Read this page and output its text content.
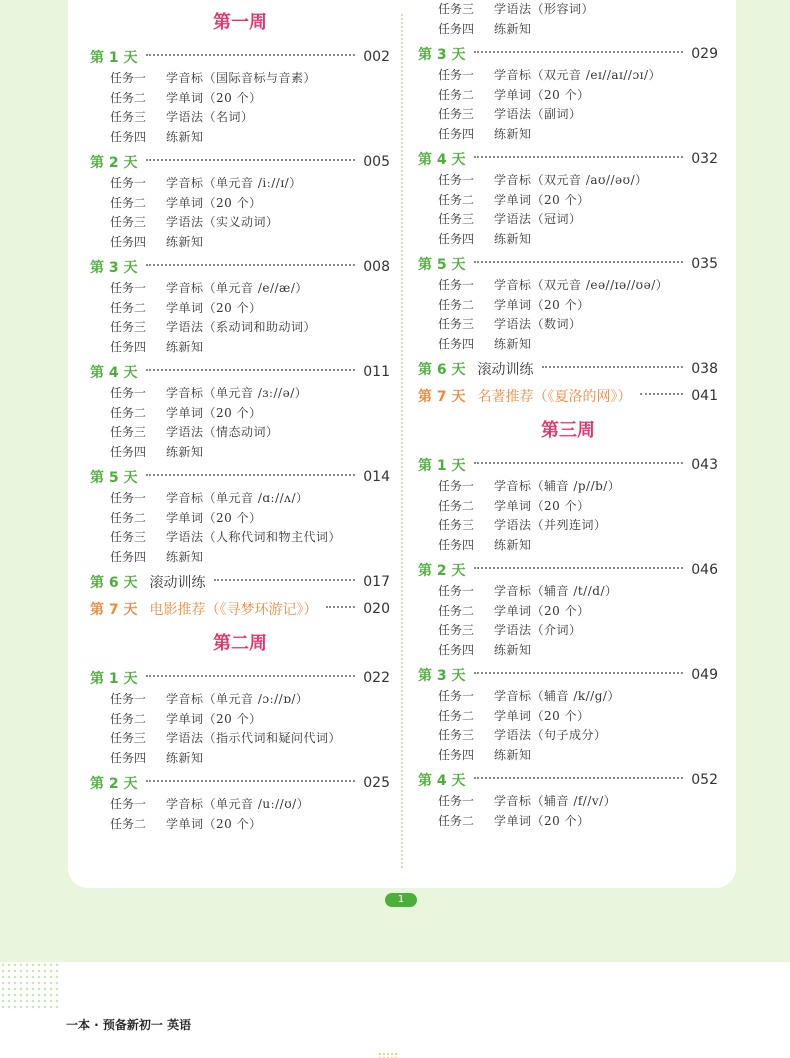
第一周
第 1 天	002
任务一	学音标（国际音标与音素）
任务二	学单词（20 个）
任务三	学语法（名词）
任务四	练新知
第 2 天	005
任务一	学音标（单元音 /iː//ɪ/）
任务二	学单词（20 个）
任务三	学语法（实义动词）
任务四	练新知
第 3 天	008
任务一	学音标（单元音 /e//æ/）
任务二	学单词（20 个）
任务三	学语法（系动词和助动词）
任务四	练新知
第 4 天	011
任务一	学音标（单元音 /ɜː//ə/）
任务二	学单词（20 个）
任务三	学语法（情态动词）
任务四	练新知
第 5 天	014
任务一	学音标（单元音 /ɑː//ʌ/）
任务二	学单词（20 个）
任务三	学语法（人称代词和物主代词）
任务四	练新知
第 6 天 滚动训练	017
第 7 天 电影推荐（《寻梦环游记》）	020
第二周
第 1 天	022
任务一	学音标（单元音 /ɔː//ɒ/）
任务二	学单词（20 个）
任务三	学语法（指示代词和疑问代词）
任务四	练新知
第 2 天	025
任务一	学音标（单元音 /uː//ʊ/）
任务二	学单词（20 个）
任务三	学语法（形容词）
任务四	练新知
第 3 天	029
任务一	学音标（双元音 /eɪ//aɪ//ɔɪ/）
任务二	学单词（20 个）
任务三	学语法（副词）
任务四	练新知
第 4 天	032
任务一	学音标（双元音 /aʊ//əʊ/）
任务二	学单词（20 个）
任务三	学语法（冠词）
任务四	练新知
第 5 天	035
任务一	学音标（双元音 /eə//ɪə//ʊə/）
任务二	学单词（20 个）
任务三	学语法（数词）
任务四	练新知
第 6 天 滚动训练	038
第 7 天 名著推荐（《夏洛的网》）	041
第三周
第 1 天	043
任务一	学音标（辅音 /p//b/）
任务二	学单词（20 个）
任务三	学语法（并列连词）
任务四	练新知
第 2 天	046
任务一	学音标（辅音 /t//d/）
任务二	学单词（20 个）
任务三	学语法（介词）
任务四	练新知
第 3 天	049
任务一	学音标（辅音 /k//g/）
任务二	学单词（20 个）
任务三	学语法（句子成分）
任务四	练新知
第 4 天	052
任务一	学音标（辅音 /f//v/）
任务二	学单词（20 个）
1
一本 · 预备新初一 英语
